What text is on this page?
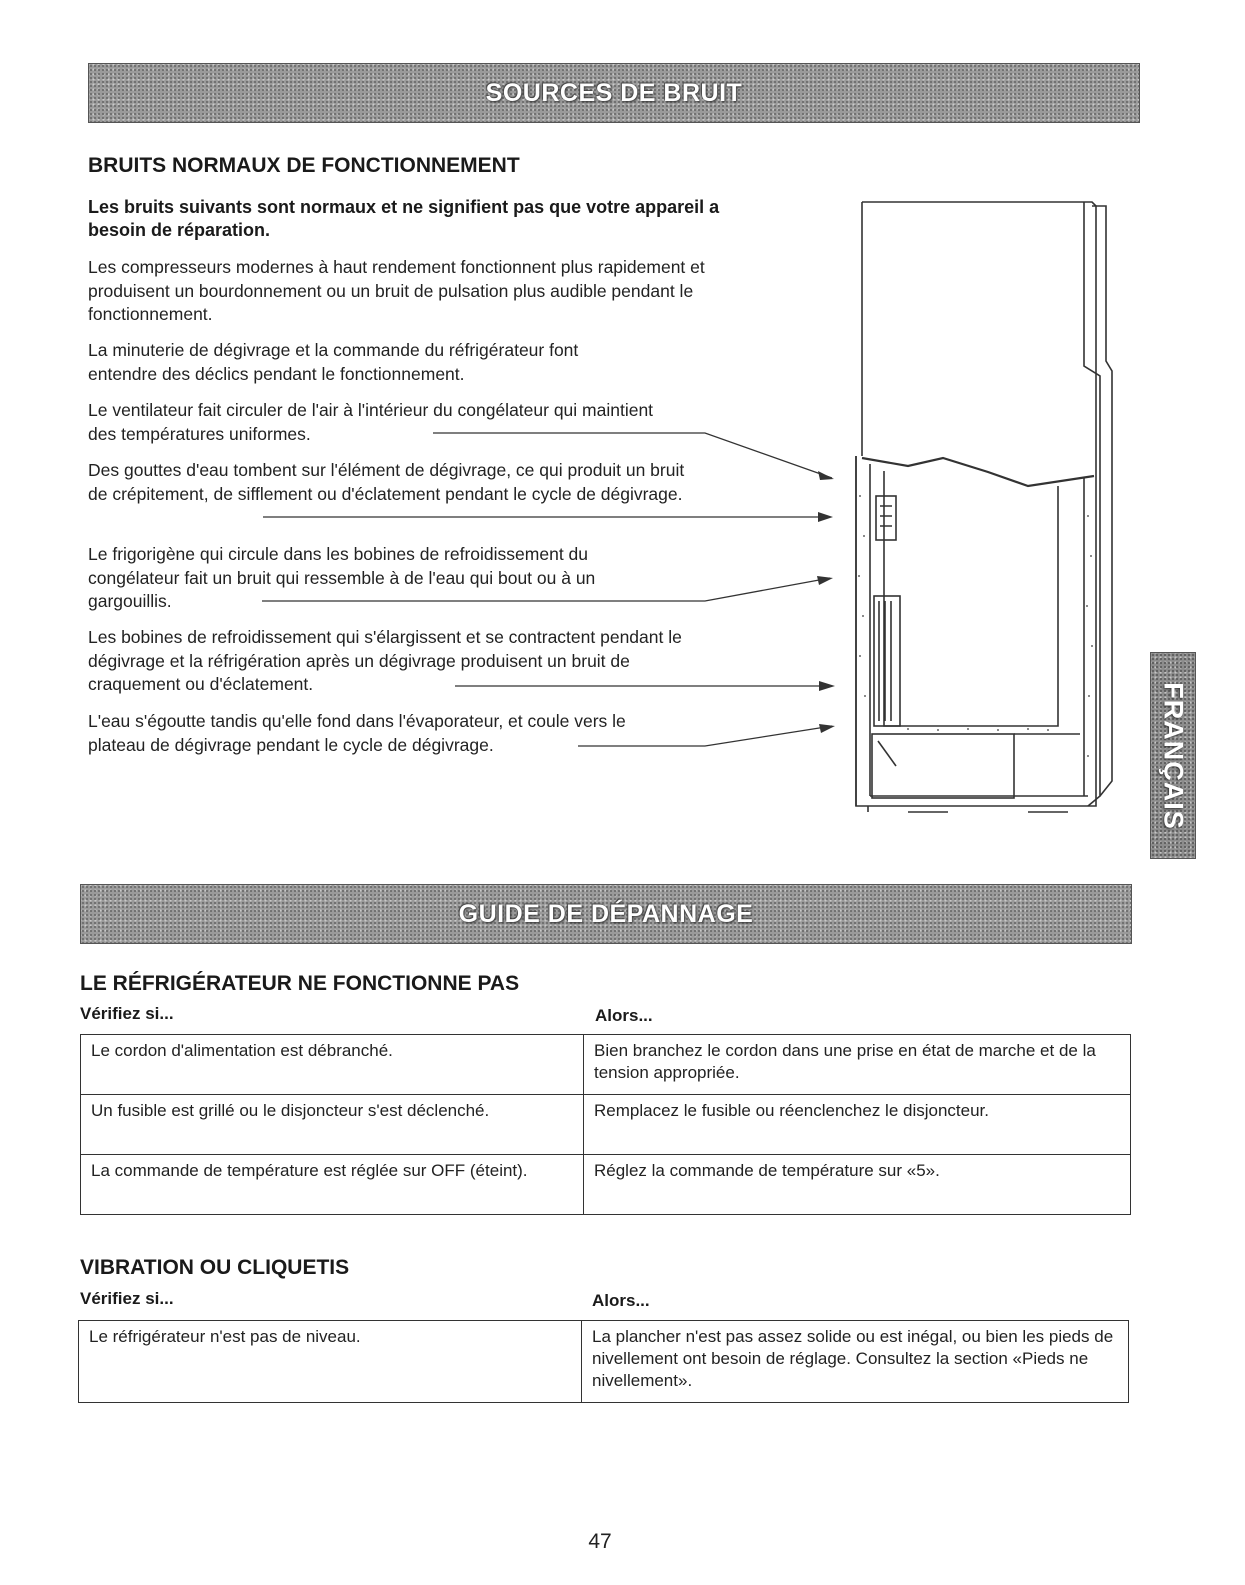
SOURCES DE BRUIT
BRUITS NORMAUX DE FONCTIONNEMENT
Les bruits suivants sont normaux et ne signifient pas que votre appareil a besoin de réparation.
Les compresseurs modernes à haut rendement fonctionnent plus rapidement et produisent un bourdonnement ou un bruit de pulsation plus audible pendant le fonctionnement.
La minuterie de dégivrage et la commande du réfrigérateur font entendre des déclics pendant le fonctionnement.
Le ventilateur fait circuler de l'air à l'intérieur du congélateur qui maintient des températures uniformes.
Des gouttes d'eau tombent sur l'élément de dégivrage, ce qui produit un bruit de crépitement, de sifflement ou d'éclatement pendant le cycle de dégivrage.
Le frigorigène qui circule dans les bobines de refroidissement du congélateur fait un bruit qui ressemble à de l'eau qui bout ou à un gargouillis.
Les bobines de refroidissement qui s'élargissent et se contractent pendant le dégivrage et la réfrigération après un dégivrage produisent un bruit de craquement ou d'éclatement.
L'eau s'égoutte tandis qu'elle fond dans l'évaporateur, et coule vers le plateau de dégivrage pendant le cycle de dégivrage.	FRANÇAIS
GUIDE DE DÉPANNAGE
LE RÉFRIGÉRATEUR NE FONCTIONNE PAS
Vérifiez si...	Alors...
Le cordon d'alimentation est débranché.	Bien branchez le cordon dans une prise en état de marche et de la tension appropriée.
Un fusible est grillé ou le disjoncteur s'est déclenché.	Remplacez le fusible ou réenclenchez le disjoncteur.
La commande de température est réglée sur OFF (éteint).	Réglez la commande de température sur «5».
VIBRATION OU CLIQUETIS
Vérifiez si...	Alors...
Le réfrigérateur n'est pas de niveau.	La plancher n'est pas assez solide ou est inégal, ou bien les pieds de nivellement ont besoin de réglage. Consultez la section «Pieds ne nivellement».
47
